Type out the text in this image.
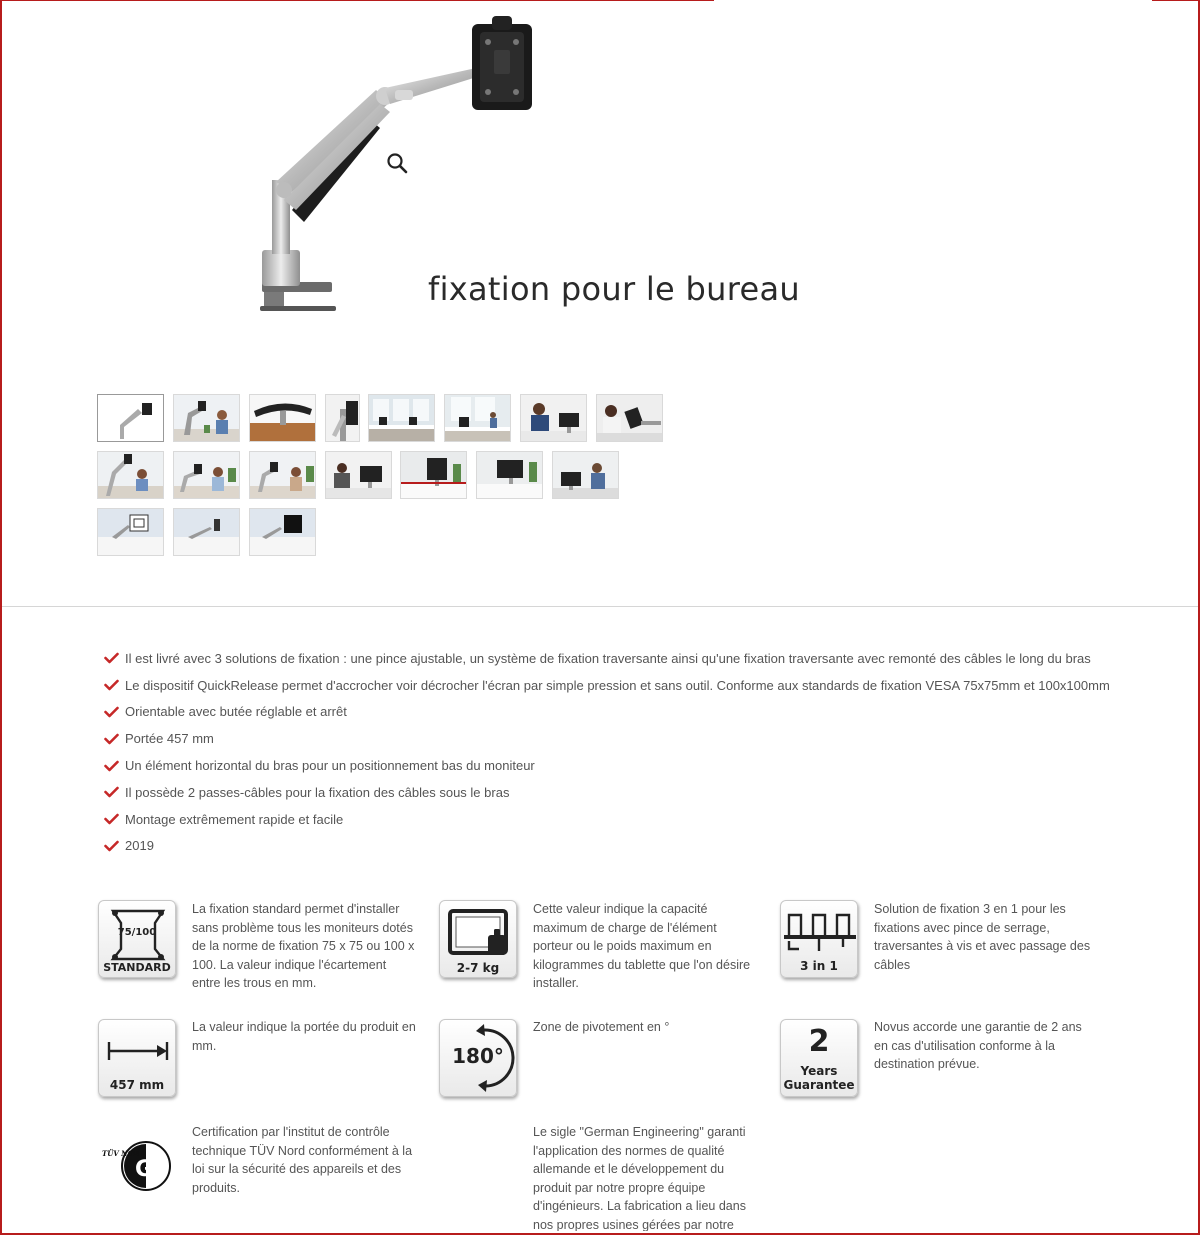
fixation pour le bureau
Il est livré avec 3 solutions de fixation : une pince ajustable, un système de fixation traversante ainsi qu'une fixation traversante avec remonté des câbles le long du bras
Le dispositif QuickRelease permet d'accrocher voir décrocher l'écran par simple pression et sans outil. Conforme aux standards de fixation VESA 75x75mm et 100x100mm
Orientable avec butée réglable et arrêt
Portée 457 mm
Un élément horizontal du bras pour un positionnement bas du moniteur
Il possède 2 passes-câbles pour la fixation des câbles sous le bras
Montage extrêmement rapide et facile
2019
75/100
STANDARD
La fixation standard permet d'installer sans problème tous les moniteurs dotés de la norme de fixation 75 x 75 ou 100 x 100. La valeur indique l'écartement entre les trous en mm.
2-7 kg
Cette valeur indique la capacité maximum de charge de l'élément porteur ou le poids maximum en kilogrammes du tablette que l'on désire installer.
3 in 1
Solution de fixation 3 en 1 pour les fixations avec pince de serrage, traversantes à vis et avec passage des câbles
457 mm
La valeur indique la portée du produit en mm.	180°
Zone de pivotement en °	2
Years
Guarantee
Novus accorde une garantie de 2 ans en cas d'utilisation conforme à la destination prévue.
GS
TÜV NORD
Certification par l'institut de contrôle technique TÜV Nord conformément à la loi sur la sécurité des appareils et des produits.
Le sigle "German Engineering" garanti l'application des normes de qualité allemande et le développement du produit par notre propre équipe d'ingénieurs. La fabrication a lieu dans nos propres usines gérées par notre
